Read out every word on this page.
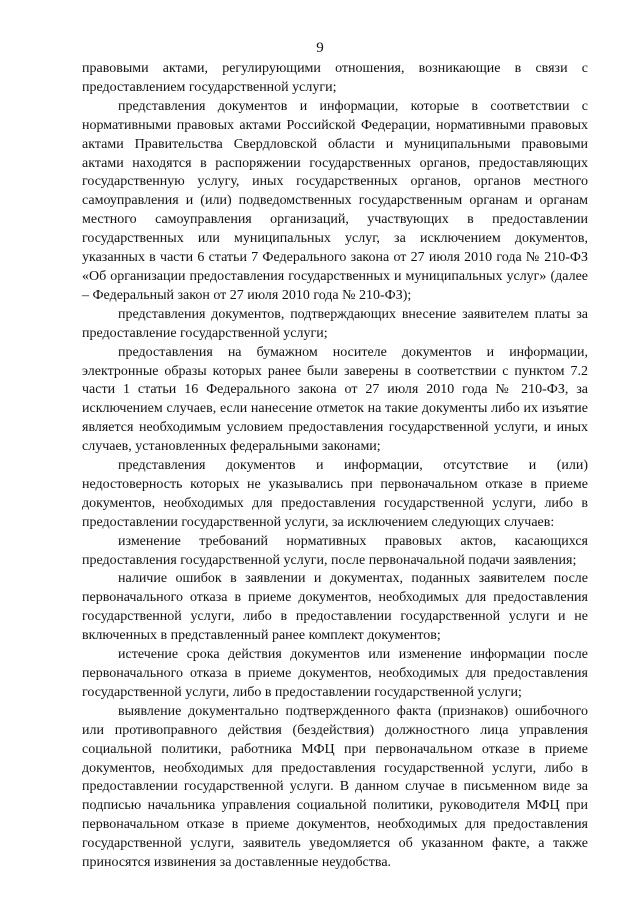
9

правовыми актами, регулирующими отношения, возникающие в связи с предоставлением государственной услуги;

представления документов и информации, которые в соответствии с нормативными правовых актами Российской Федерации, нормативными правовых актами Правительства Свердловской области и муниципальными правовыми актами находятся в распоряжении государственных органов, предоставляющих государственную услугу, иных государственных органов, органов местного самоуправления и (или) подведомственных государственным органам и органам местного самоуправления организаций, участвующих в предоставлении государственных или муниципальных услуг, за исключением документов, указанных в части 6 статьи 7 Федерального закона от 27 июля 2010 года № 210-ФЗ «Об организации предоставления государственных и муниципальных услуг» (далее – Федеральный закон от 27 июля 2010 года № 210-ФЗ);

представления документов, подтверждающих внесение заявителем платы за предоставление государственной услуги;

предоставления на бумажном носителе документов и информации, электронные образы которых ранее были заверены в соответствии с пунктом 7.2 части 1 статьи 16 Федерального закона от 27 июля 2010 года № 210-ФЗ, за исключением случаев, если нанесение отметок на такие документы либо их изъятие является необходимым условием предоставления государственной услуги, и иных случаев, установленных федеральными законами;

представления документов и информации, отсутствие и (или) недостоверность которых не указывались при первоначальном отказе в приеме документов, необходимых для предоставления государственной услуги, либо в предоставлении государственной услуги, за исключением следующих случаев:

изменение требований нормативных правовых актов, касающихся предоставления государственной услуги, после первоначальной подачи заявления;

наличие ошибок в заявлении и документах, поданных заявителем после первоначального отказа в приеме документов, необходимых для предоставления государственной услуги, либо в предоставлении государственной услуги и не включенных в представленный ранее комплект документов;

истечение срока действия документов или изменение информации после первоначального отказа в приеме документов, необходимых для предоставления государственной услуги, либо в предоставлении государственной услуги;

выявление документально подтвержденного факта (признаков) ошибочного или противоправного действия (бездействия) должностного лица управления социальной политики, работника МФЦ при первоначальном отказе в приеме документов, необходимых для предоставления государственной услуги, либо в предоставлении государственной услуги. В данном случае в письменном виде за подписью начальника управления социальной политики, руководителя МФЦ при первоначальном отказе в приеме документов, необходимых для предоставления государственной услуги, заявитель уведомляется об указанном факте, а также приносятся извинения за доставленные неудобства.
